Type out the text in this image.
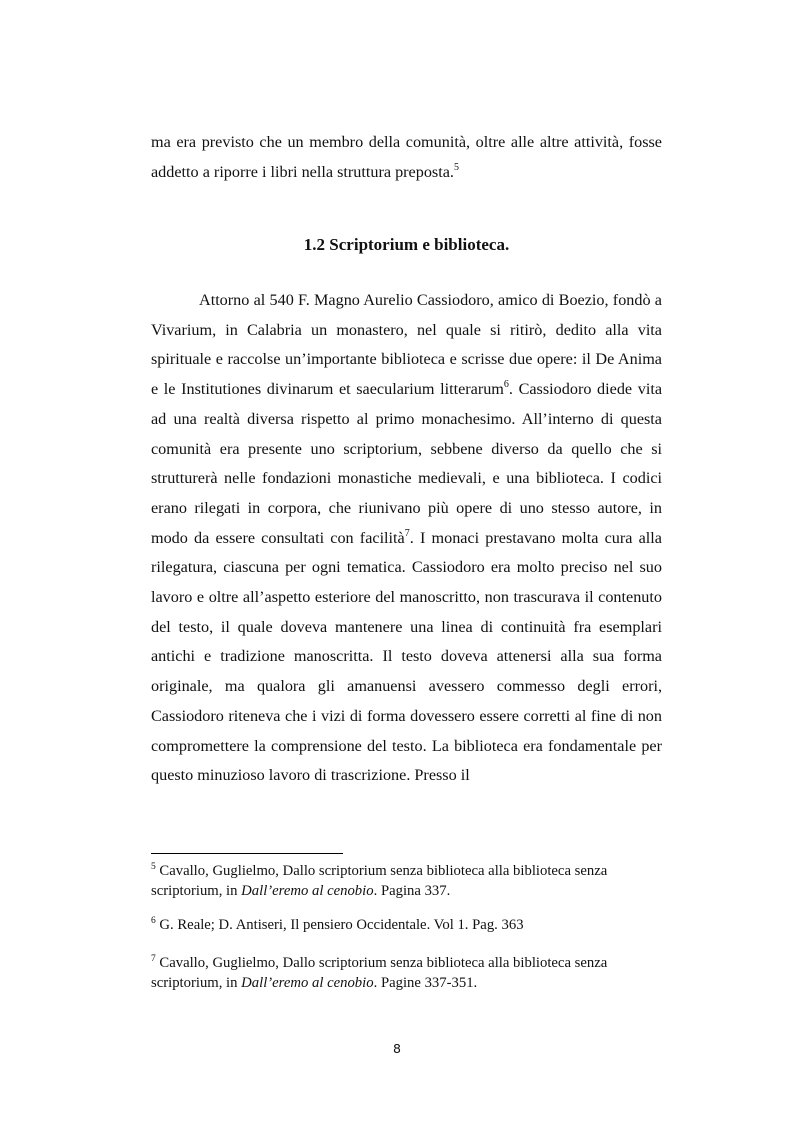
ma era previsto che un membro della comunità, oltre alle altre attività, fosse addetto a riporre i libri nella struttura preposta.$^5$

1.2 Scriptorium e biblioteca.

Attorno al 540 F. Magno Aurelio Cassiodoro, amico di Boezio, fondò a Vivarium, in Calabria un monastero, nel quale si ritirò, dedito alla vita spirituale e raccolse un’importante biblioteca e scrisse due opere: il De Anima e le Institutiones divinarum et saecularium litterarum$^6$. Cassiodoro diede vita ad una realtà diversa rispetto al primo monachesimo. All’interno di questa comunità era presente uno scriptorium, sebbene diverso da quello che si strutturerà nelle fondazioni monastiche medievali, e una biblioteca. I codici erano rilegati in corpora, che riunivano più opere di uno stesso autore, in modo da essere consultati con facilità$^7$. I monaci prestavano molta cura alla rilegatura, ciascuna per ogni tematica. Cassiodoro era molto preciso nel suo lavoro e oltre all’aspetto esteriore del manoscritto, non trascurava il contenuto del testo, il quale doveva mantenere una linea di continuità fra esemplari antichi e tradizione manoscritta. Il testo doveva attenersi alla sua forma originale, ma qualora gli amanuensi avessero commesso degli errori, Cassiodoro riteneva che i vizi di forma dovessero essere corretti al fine di non compromettere la comprensione del testo. La biblioteca era fondamentale per questo minuzioso lavoro di trascrizione. Presso il

$^5$ Cavallo, Guglielmo, Dallo scriptorium senza biblioteca alla biblioteca senza scriptorium, in Dall’eremo al cenobio. Pagina 337.

$^6$ G. Reale; D. Antiseri, Il pensiero Occidentale. Vol 1. Pag. 363

$^7$ Cavallo, Guglielmo, Dallo scriptorium senza biblioteca alla biblioteca senza scriptorium, in Dall’eremo al cenobio. Pagine 337-351.

8
